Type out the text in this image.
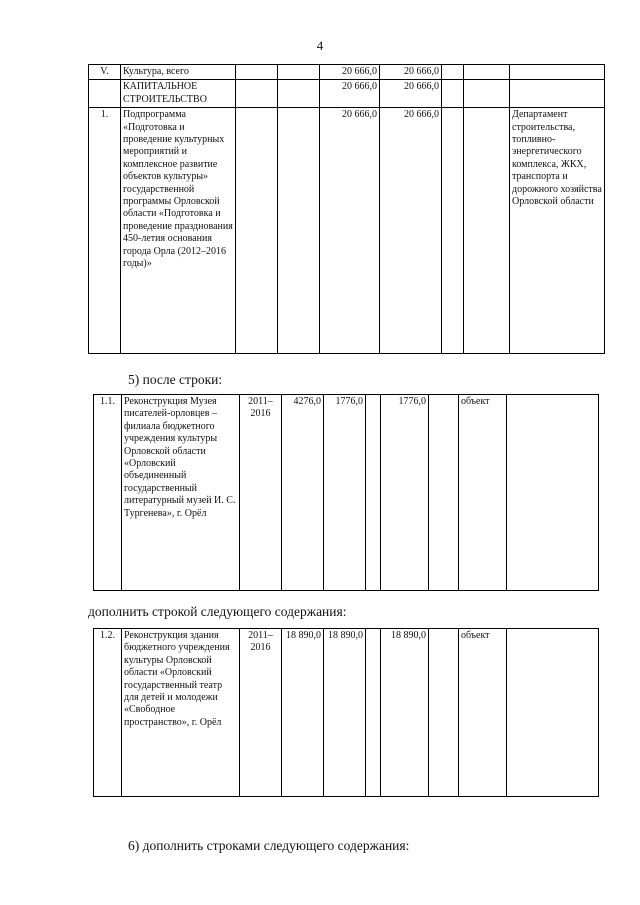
4
V.	Культура, всего			20 666,0	20 666,0			
	КАПИТАЛЬНОЕ СТРОИТЕЛЬСТВО			20 666,0	20 666,0			
1.	Подпрограмма «Подготовка и проведение культурных мероприятий и комплексное развитие объектов культуры» государственной программы Орловской области «Подготовка и проведение празднования 450-летия основания города Орла (2012–2016 годы)»			20 666,0	20 666,0			Департамент строительства, топливно-энергетического комплекса, ЖКХ, транспорта и дорожного хозяйства Орловской области
5) после строки:
1.1.	Реконструкция Музея писателей-орловцев – филиала бюджетного учреждения культуры Орловской области «Орловский объединенный государственный литературный музей И. С. Тургенева», г. Орёл	2011–2016	4276,0	1776,0		1776,0		объект	
дополнить строкой следующего содержания:
1.2.	Реконструкция здания бюджетного учреждения культуры Орловской области «Орловский государственный театр для детей и молодежи «Свободное пространство», г. Орёл	2011–2016	18 890,0	18 890,0		18 890,0		объект	
6) дополнить строками следующего содержания:
